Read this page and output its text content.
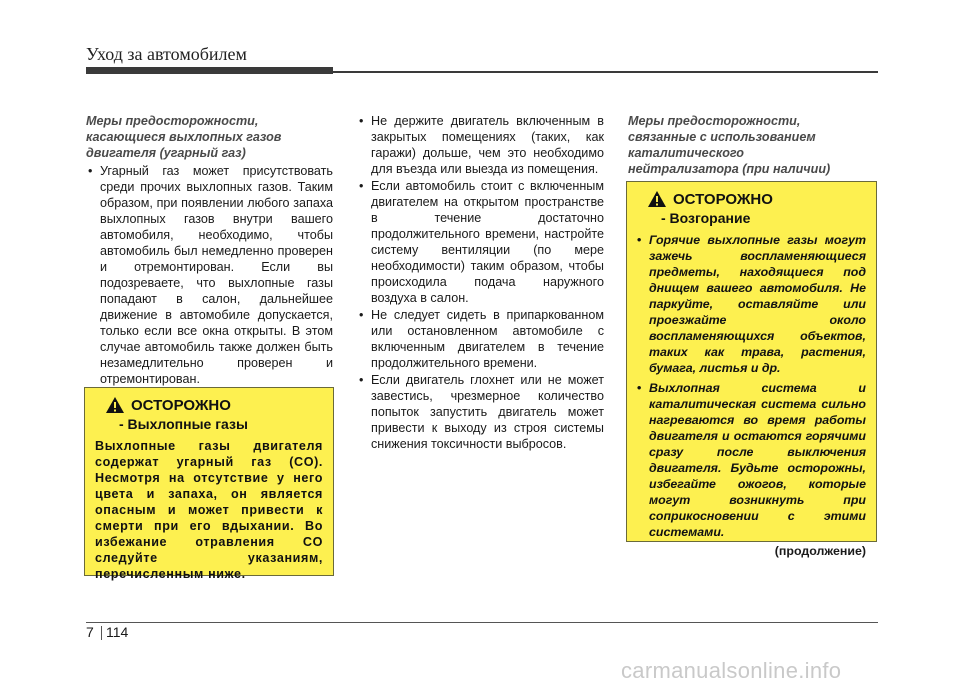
Уход за автомобилем
Меры предосторожности,
касающиеся выхлопных газов
двигателя (угарный газ)
• Угарный газ может присутствовать среди прочих выхлопных газов. Таким образом, при появлении любого запаха выхлопных газов внутри вашего автомобиля, необходимо, чтобы автомобиль был немедленно проверен и отремонтирован. Если вы подозреваете, что выхлопные газы попадают в салон, дальнейшее движение в автомобиле допускается, только если все окна открыты. В этом случае автомобиль также должен быть незамедлительно проверен и отремонтирован.
ОСТОРОЖНО
- Выхлопные газы
Выхлопные газы двигателя содержат угарный газ (CO). Несмотря на отсутствие у него цвета и запаха, он является опасным и может привести к смерти при его вдыхании. Во избежание отравления CO следуйте указаниям, перечисленным ниже.
• Не держите двигатель включенным в закрытых помещениях (таких, как гаражи) дольше, чем это необходимо для въезда или выезда из помещения.
• Если автомобиль стоит с включенным двигателем на открытом пространстве в течение достаточно продолжительного времени, настройте систему вентиляции (по мере необходимости) таким образом, чтобы происходила подача наружного воздуха в салон.
• Не следует сидеть в припаркованном или остановленном автомобиле с включенным двигателем в течение продолжительного времени.
• Если двигатель глохнет или не может завестись, чрезмерное количество попыток запустить двигатель может привести к выходу из строя системы снижения токсичности выбросов.
Меры предосторожности,
связанные с использованием
каталитического
нейтрализатора (при наличии)
ОСТОРОЖНО
- Возгорание
• Горячие выхлопные газы могут зажечь воспламеняющиеся предметы, находящиеся под днищем вашего автомобиля. Не паркуйте, оставляйте или проезжайте около воспламеняющихся объектов, таких как трава, растения, бумага, листья и др.
• Выхлопная система и каталитическая система сильно нагреваются во время работы двигателя и остаются горячими сразу после выключения двигателя. Будьте осторожны, избегайте ожогов, которые могут возникнуть при соприкосновении с этими системами.
(продолжение)
7 114
carmanualsonline.info
